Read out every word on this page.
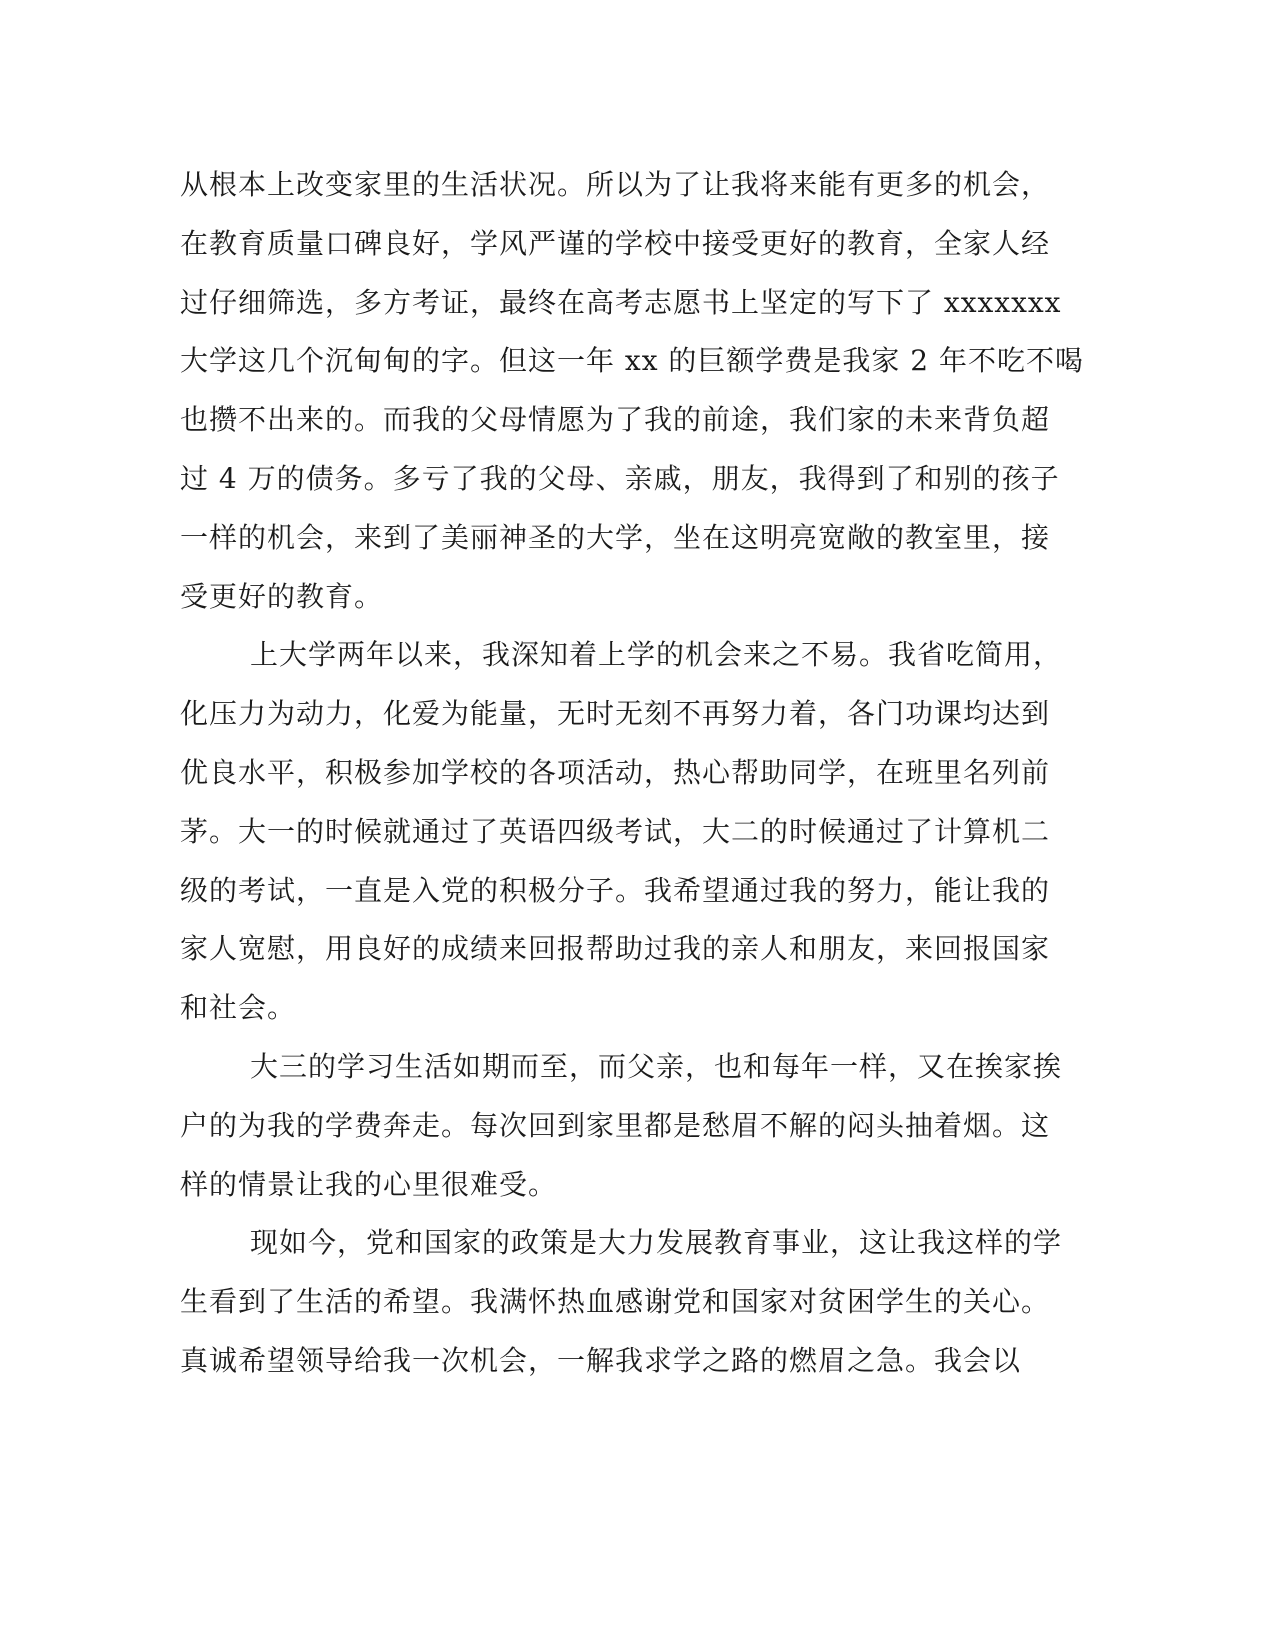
从根本上改变家里的生活状况。所以为了让我将来能有更多的机会，
在教育质量口碑良好，学风严谨的学校中接受更好的教育，全家人经
过仔细筛选，多方考证，最终在高考志愿书上坚定的写下了 xxxxxxx
大学这几个沉甸甸的字。但这一年 xx 的巨额学费是我家 2 年不吃不喝
也攒不出来的。而我的父母情愿为了我的前途，我们家的未来背负超
过 4 万的债务。多亏了我的父母、亲戚，朋友，我得到了和别的孩子
一样的机会，来到了美丽神圣的大学，坐在这明亮宽敞的教室里，接
受更好的教育。
上大学两年以来，我深知着上学的机会来之不易。我省吃简用，
化压力为动力，化爱为能量，无时无刻不再努力着，各门功课均达到
优良水平，积极参加学校的各项活动，热心帮助同学，在班里名列前
茅。大一的时候就通过了英语四级考试，大二的时候通过了计算机二
级的考试，一直是入党的积极分子。我希望通过我的努力，能让我的
家人宽慰，用良好的成绩来回报帮助过我的亲人和朋友，来回报国家
和社会。
大三的学习生活如期而至，而父亲，也和每年一样，又在挨家挨
户的为我的学费奔走。每次回到家里都是愁眉不解的闷头抽着烟。这
样的情景让我的心里很难受。
现如今，党和国家的政策是大力发展教育事业，这让我这样的学
生看到了生活的希望。我满怀热血感谢党和国家对贫困学生的关心。
真诚希望领导给我一次机会，一解我求学之路的燃眉之急。我会以
